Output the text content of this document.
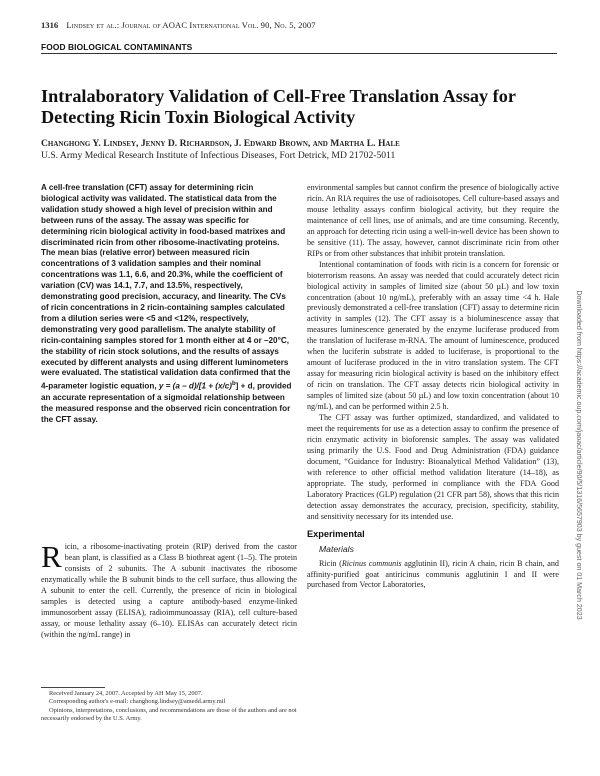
1316 Lindsey et al.: Journal of AOAC International Vol. 90, No. 5, 2007
FOOD BIOLOGICAL CONTAMINANTS
Intralaboratory Validation of Cell-Free Translation Assay for Detecting Ricin Toxin Biological Activity
Changhong Y. Lindsey, Jenny D. Richardson, J. Edward Brown, and Martha L. Hale
U.S. Army Medical Research Institute of Infectious Diseases, Fort Detrick, MD 21702-5011

A cell-free translation (CFT) assay for determining ricin biological activity was validated. The statistical data from the validation study showed a high level of precision within and between runs of the assay. The assay was specific for determining ricin biological activity in food-based matrixes and discriminated ricin from other ribosome-inactivating proteins. The mean bias (relative error) between measured ricin concentrations of 3 validation samples and their nominal concentrations was 1.1, 6.6, and 20.3%, while the coefficient of variation (CV) was 14.1, 7.7, and 13.5%, respectively, demonstrating good precision, accuracy, and linearity. The CVs of ricin concentrations in 2 ricin-containing samples calculated from a dilution series were <5 and <12%, respectively, demonstrating very good parallelism. The analyte stability of ricin-containing samples stored for 1 month either at 4 or –20°C, the stability of ricin stock solutions, and the results of assays executed by different analysts and using different luminometers were evaluated. The statistical validation data confirmed that the 4-parameter logistic equation, $y = (a - d)/[1 + (x/c)^b] + d$, provided an accurate representation of a sigmoidal relationship between the measured response and the observed ricin concentration for the CFT assay.

R icin, a ribosome-inactivating protein (RIP) derived from the castor bean plant, is classified as a Class B biothreat agent (1–5). The protein consists of 2 subunits. The A subunit inactivates the ribosome enzymatically while the B subunit binds to the cell surface, thus allowing the A subunit to enter the cell. Currently, the presence of ricin in biological samples is detected using a capture antibody-based enzyme-linked immunosorbent assay (ELISA), radioimmunoassay (RIA), cell culture-based assay, or mouse lethality assay (6–10). ELISAs can accurately detect ricin (within the ng/mL range) in

Received January 24, 2007. Accepted by AH May 15, 2007.

Corresponding author's e-mail: changhong.lindsey@amedd.army.mil

Opinions, interpretations, conclusions, and recommendations are those of the authors and are not necessarily endorsed by the U.S. Army.

environmental samples but cannot confirm the presence of biologically active ricin. An RIA requires the use of radioisotopes. Cell culture-based assays and mouse lethality assays confirm biological activity, but they require the maintenance of cell lines, use of animals, and are time consuming. Recently, an approach for detecting ricin using a well-in-well device has been shown to be sensitive (11). The assay, however, cannot discriminate ricin from other RIPs or from other substances that inhibit protein translation.

Intentional contamination of foods with ricin is a concern for forensic or bioterrorism reasons. An assay was needed that could accurately detect ricin biological activity in samples of limited size (about 50 µL) and low toxin concentration (about 10 ng/mL), preferably with an assay time <4 h. Hale previously demonstrated a cell-free translation (CFT) assay to determine ricin activity in samples (12). The CFT assay is a bioluminescence assay that measures luminescence generated by the enzyme luciferase produced from the translation of luciferase m-RNA. The amount of luminescence, produced when the luciferin substrate is added to luciferase, is proportional to the amount of luciferase produced in the in vitro translation system. The CFT assay for measuring ricin biological activity is based on the inhibitory effect of ricin on translation. The CFT assay detects ricin biological activity in samples of limited size (about 50 µL) and low toxin concentration (about 10 ng/mL), and can be performed within 2.5 h.

The CFT assay was further optimized, standardized, and validated to meet the requirements for use as a detection assay to confirm the presence of ricin enzymatic activity in bioforensic samples. The assay was validated using primarily the U.S. Food and Drug Administration (FDA) guidance document, “Guidance for Industry: Bioanalytical Method Validation” (13), with reference to other official method validation literature (14–18), as appropriate. The study, performed in compliance with the FDA Good Laboratory Practices (GLP) regulation (21 CFR part 58), shows that this ricin detection assay demonstrates the accuracy, precision, specificity, stability, and sensitivity necessary for its intended use.

Experimental
Materials

Ricin (Ricinus communis agglutinin II), ricin A chain, ricin B chain, and affinity-purified goat antiricinus communis agglutinin I and II were purchased from Vector Laboratories,	Downloaded from https://academic.oup.com/jaoac/article/90/5/1316/5657903 by guest on 01 March 2023
